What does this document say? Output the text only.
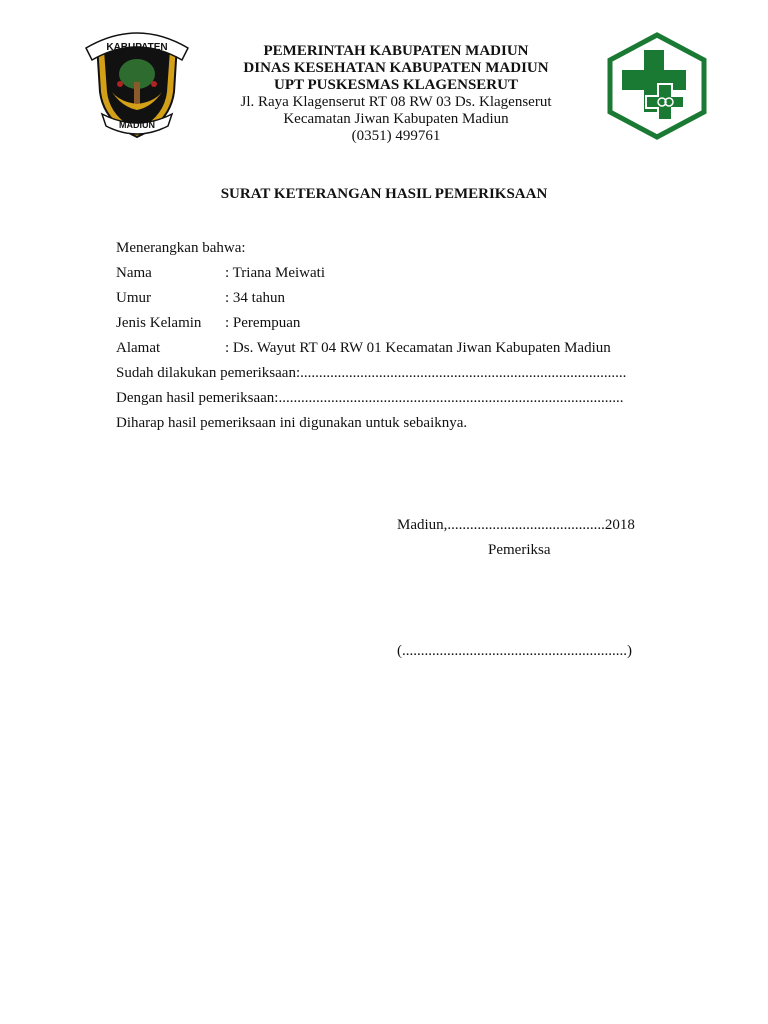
KABUPATEN
MADIUN
PEMERINTAH KABUPATEN MADIUN
DINAS KESEHATAN KABUPATEN MADIUN
UPT PUSKESMAS KLAGENSERUT
Jl. Raya Klagenserut RT 08 RW 03 Ds. Klagenserut
Kecamatan Jiwan Kabupaten Madiun
(0351) 499761
SURAT KETERANGAN HASIL PEMERIKSAAN
Menerangkan bahwa:
Nama	: Triana Meiwati
Umur	: 34 tahun
Jenis Kelamin : Perempuan
Alamat	: Ds. Wayut RT 04 RW 01 Kecamatan Jiwan Kabupaten Madiun
Sudah dilakukan pemeriksaan:.......................................................................................
Dengan hasil pemeriksaan:............................................................................................
Diharap hasil pemeriksaan ini digunakan untuk sebaiknya.
Madiun,..........................................2018
Pemeriksa
(............................................................)
